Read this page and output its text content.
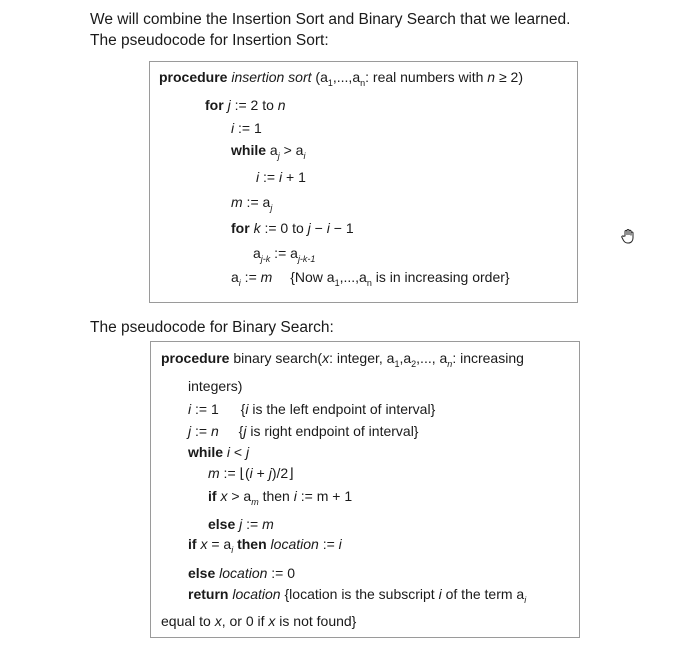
We will combine the Insertion Sort and Binary Search that we learned.
The pseudocode for Insertion Sort:
procedure insertion sort ($a_1,...,a_n$: real numbers with n ≥ 2)
for j := 2 to n
i := 1
while $a_j > a_i$
i := i + 1
m := $a_j$
for k := 0 to j − i − 1
$a_{j-k}$ := $a_{j-k-1}$
$a_i$ := m {Now $a_1,...,a_n$ is in increasing order}
The pseudocode for Binary Search:
procedure binary search(x: integer, $a_1,a_2$,..., $a_n$: increasing
integers)
i := 1 {i is the left endpoint of interval}
j := n {j is right endpoint of interval}
while i < j
m := ⌊(i + j)/2⌋
if $x > a_m$ then i := m + 1
else j := m
if $x = a_i$ then location := i
else location := 0
return location {location is the subscript i of the term $a_i$
equal to x, or 0 if x is not found}
